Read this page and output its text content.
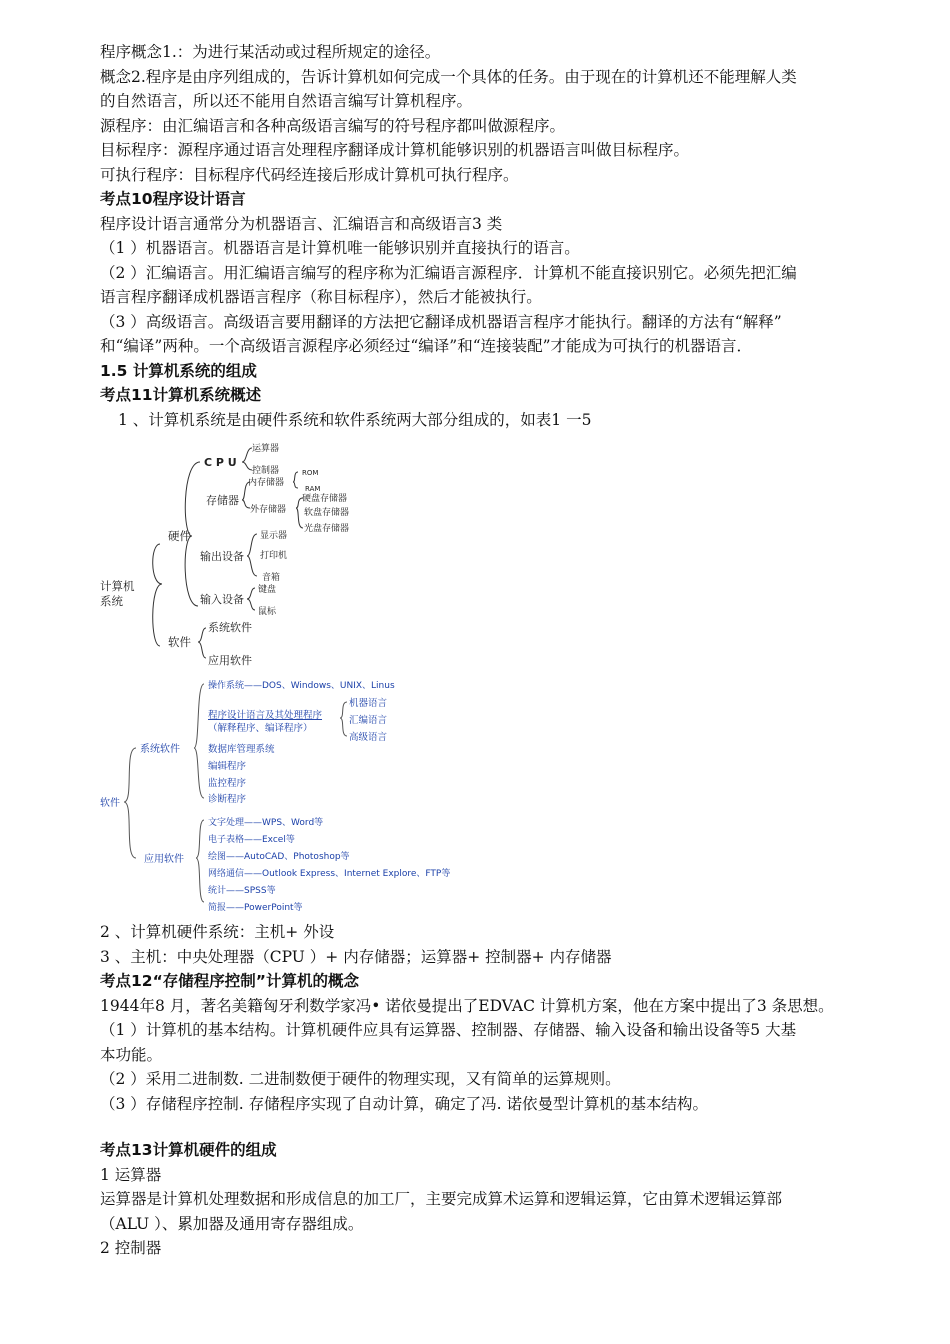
程序概念1.：为进行某活动或过程所规定的途径。
概念2.程序是由序列组成的，告诉计算机如何完成一个具体的任务。由于现在的计算机还不能理解人类
的自然语言，所以还不能用自然语言编写计算机程序。
源程序：由汇编语言和各种高级语言编写的符号程序都叫做源程序。
目标程序：源程序通过语言处理程序翻译成计算机能够识别的机器语言叫做目标程序。
可执行程序：目标程序代码经连接后形成计算机可执行程序。
考点10程序设计语言
程序设计语言通常分为机器语言、汇编语言和高级语言3 类
（1 ）机器语言。机器语言是计算机唯一能够识别并直接执行的语言。
（2 ）汇编语言。用汇编语言编写的程序称为汇编语言源程序．计算机不能直接识别它。必须先把汇编
语言程序翻译成机器语言程序（称目标程序），然后才能被执行。
（3 ）高级语言。高级语言要用翻译的方法把它翻译成机器语言程序才能执行。翻译的方法有“解释”
和“编译”两种。一个高级语言源程序必须经过“编译”和“连接装配”才能成为可执行的机器语言．
1.5 计算机系统的组成
考点11计算机系统概述
1 、计算机系统是由硬件系统和软件系统两大部分组成的，如表1 一5
计算机
系统
硬件
软件
C P U
运算器
控制器
存储器
内存储器
ROM
RAM
外存储器
硬盘存储器
软盘存储器
光盘存储器
输出设备
显示器
打印机
音箱
输入设备
键盘
鼠标
系统软件
应用软件
软件
系统软件
应用软件
操作系统——DOS、Windows、UNIX、Linus
程序设计语言及其处理程序
（解释程序、编译程序）
机器语言
汇编语言
高级语言
数据库管理系统
编辑程序
监控程序
诊断程序
文字处理——WPS、Word等
电子表格——Excel等
绘图——AutoCAD、Photoshop等
网络通信——Outlook Express、Internet Explore、FTP等
统计——SPSS等
简报——PowerPoint等
2 、计算机硬件系统：主机+ 外设
3 、主机：中央处理器（CPU ）+ 内存储器；运算器+ 控制器+ 内存储器
考点12“存储程序控制”计算机的概念
1944年8 月，著名美籍匈牙利数学家冯• 诺依曼提出了EDVAC 计算机方案，他在方案中提出了3 条思想。
（1 ）计算机的基本结构。计算机硬件应具有运算器、控制器、存储器、输入设备和输出设备等5 大基
本功能。
（2 ）采用二进制数. 二进制数便于硬件的物理实现，又有简单的运算规则。
（3 ）存储程序控制. 存储程序实现了自动计算，确定了冯. 诺依曼型计算机的基本结构。
考点13计算机硬件的组成
1 运算器
运算器是计算机处理数据和形成信息的加工厂，主要完成算术运算和逻辑运算，它由算术逻辑运算部
（ALU ）、累加器及通用寄存器组成。
2 控制器
